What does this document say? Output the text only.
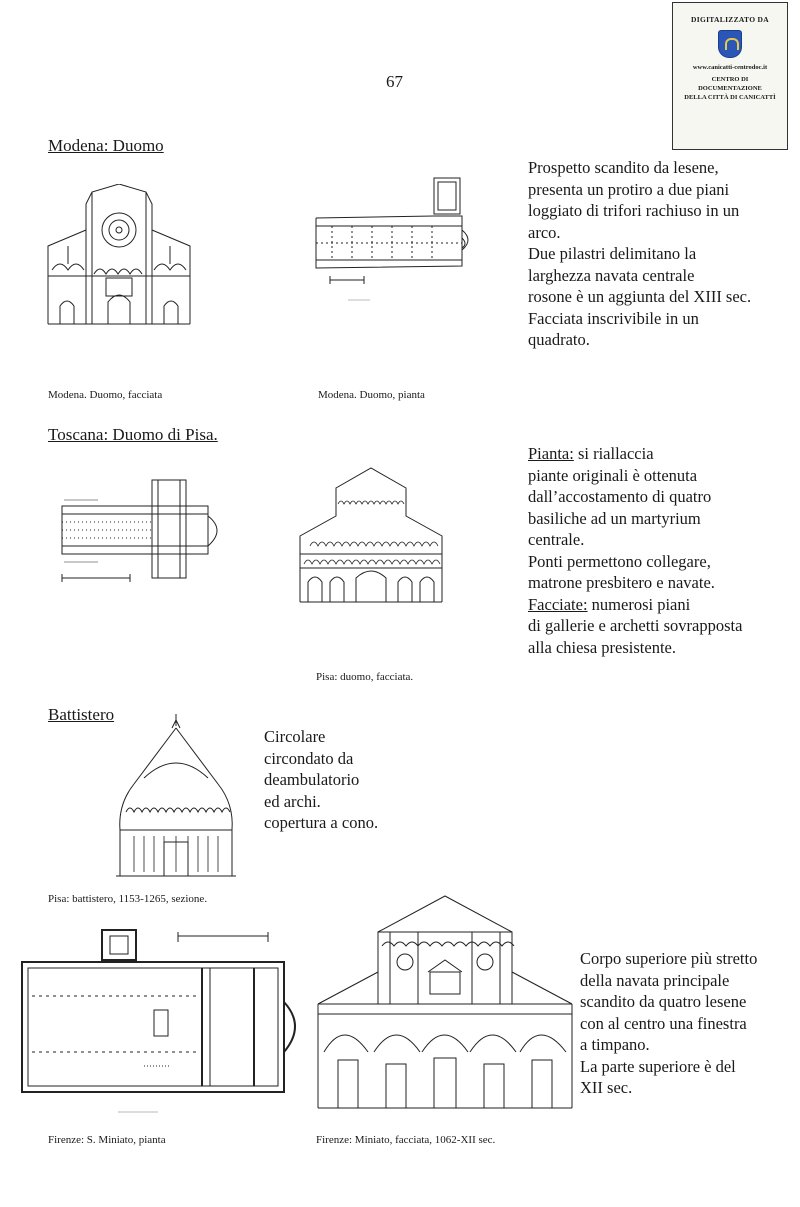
67
DIGITALIZZATO DA
www.canicatti-centrodoc.it
CENTRO DI DOCUMENTAZIONE
DELLA CITTÀ DI CANICATTÌ
Modena: Duomo
Modena. Duomo, facciata	Modena. Duomo, pianta
Prospetto scandito da lesene,
presenta un protiro a due piani
loggiato di trifori rachiuso in un
arco.
Due pilastri delimitano la
larghezza navata centrale
rosone è un aggiunta del XIII sec.
Facciata inscrivibile in un
quadrato.
Toscana: Duomo di Pisa.
Pisa: duomo, facciata.
Pianta: si riallaccia
piante originali è ottenuta
dall’accostamento di quatro
basiliche ad un martyrium
centrale.
Ponti permettono collegare,
matrone presbitero e navate.
Facciate: numerosi piani
di gallerie e archetti sovrapposta
alla chiesa presistente.
Battistero
Circolare
circondato da
deambulatorio
ed archi.
copertura a cono.
Pisa: battistero, 1153-1265, sezione.
Corpo superiore più stretto
della navata principale
scandito da quatro lesene
con al centro una finestra
a timpano.
La parte superiore è del
XII sec.
Firenze: S. Miniato, pianta	Firenze: Miniato, facciata, 1062-XII sec.
